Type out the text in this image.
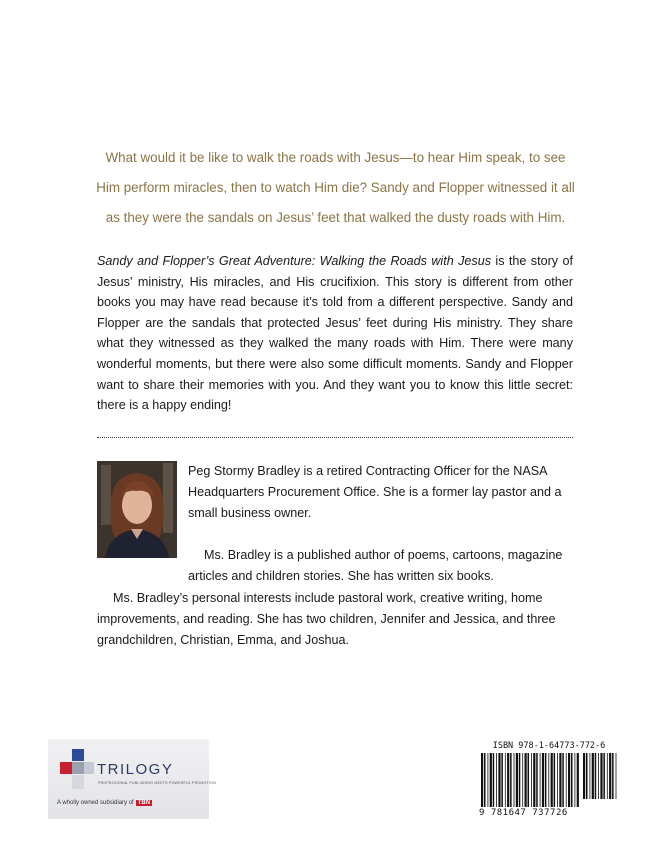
What would it be like to walk the roads with Jesus—to hear Him speak, to see

Him perform miracles, then to watch Him die? Sandy and Flopper witnessed it all

as they were the sandals on Jesus’ feet that walked the dusty roads with Him.

Sandy and Flopper’s Great Adventure: Walking the Roads with Jesus is the story of Jesus’ ministry, His miracles, and His crucifixion. This story is different from other books you may have read because it’s told from a different perspective. Sandy and Flopper are the sandals that protected Jesus’ feet during His ministry. They share what they witnessed as they walked the many roads with Him. There were many wonderful moments, but there were also some difficult moments. Sandy and Flopper want to share their memories with you. And they want you to know this little secret: there is a happy ending!

Peg Stormy Bradley is a retired Contracting Officer for the NASA Headquarters Procurement Office. She is a former lay pastor and a small business owner.

Ms. Bradley is a published author of poems, cartoons, magazine articles and children stories. She has written six books.

Ms. Bradley’s personal interests include pastoral work, creative writing, home improvements, and reading. She has two children, Jennifer and Jessica, and three grandchildren, Christian, Emma, and Joshua.

TRILOGY
PROFESSIONAL PUBLISHING MEETS POWERFUL PROMOTION
A wholly owned subsidiary of TBN
ISBN 978-1-64773-772-6
9 781647 737726
